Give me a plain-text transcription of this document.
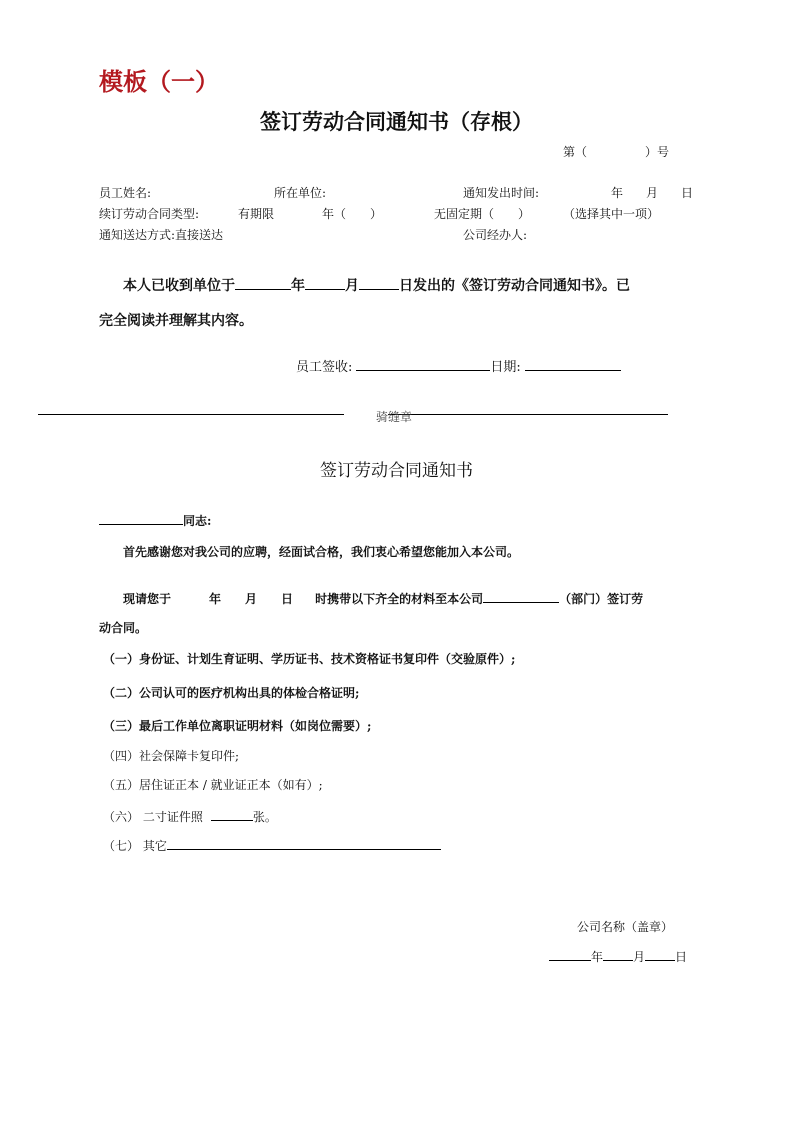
模板（一）
签订劳动合同通知书（存根）
第（	）号
员工姓名:	所在单位:	通知发出时间:	年 月 日
续订劳动合同类型:	有期限	年（　　）	无固定期（　　）	（选择其中一项）
通知送达方式:直接送达	公司经办人:
本人已收到单位于	年	月	日发出的《签订劳动合同通知书》。已
完全阅读并理解其内容。
员工签收:	日期:
骑缝章
签订劳动合同通知书
同志:
首先感谢您对我公司的应聘，经面试合格，我们衷心希望您能加入本公司。
现请您于	年 月 日 时携带以下齐全的材料至本公司	（部门）签订劳
动合同。
（一）身份证、计划生育证明、学历证书、技术资格证书复印件（交验原件）;
（二）公司认可的医疗机构出具的体检合格证明;
（三）最后工作单位离职证明材料（如岗位需要）;
（四）社会保障卡复印件;
（五）居住证正本 / 就业证正本（如有）;
（六） 二寸证件照	张。
（七） 其它
公司名称（盖章）
年	月	日
